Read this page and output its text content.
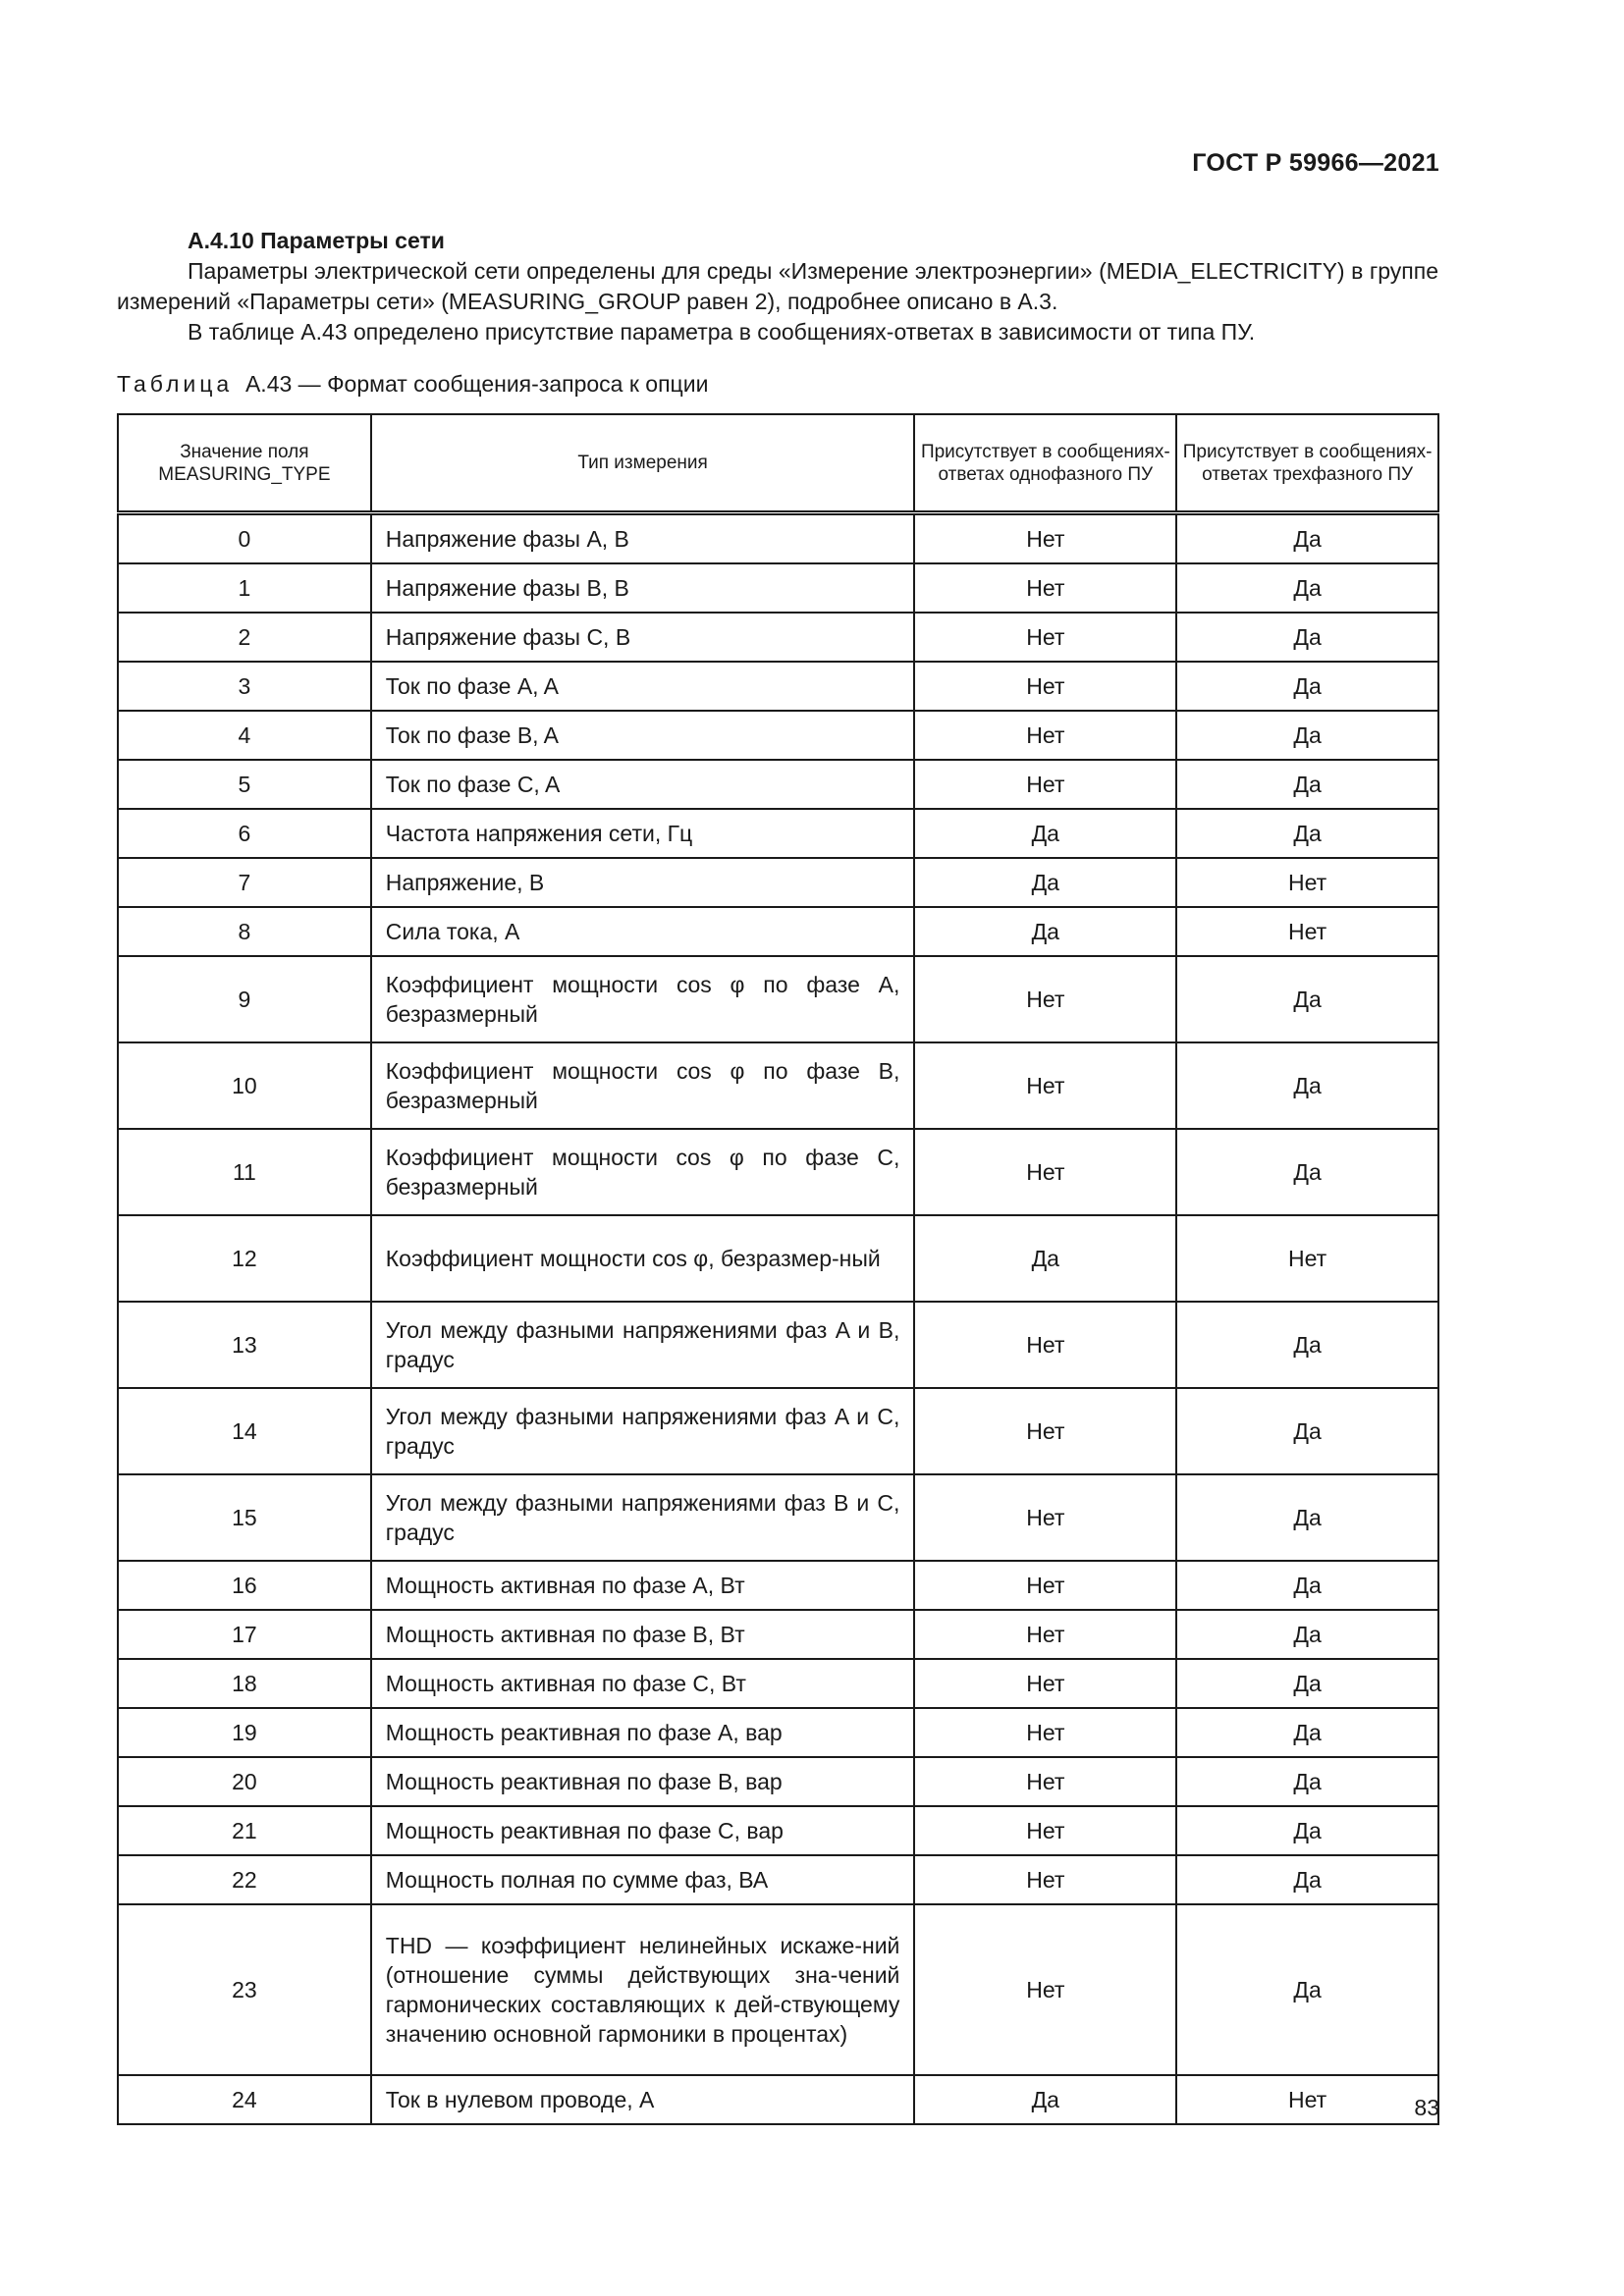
ГОСТ Р 59966—2021
А.4.10 Параметры сети

Параметры электрической сети определены для среды «Измерение электроэнергии» (MEDIA_ELECTRICITY) в группе измерений «Параметры сети» (MEASURING_GROUP равен 2), подробнее описано в А.3.

В таблице А.43 определено присутствие параметра в сообщениях-ответах в зависимости от типа ПУ.

Таблица А.43 — Формат сообщения-запроса к опции
Значение поля MEASURING_TYPE	Тип измерения	Присутствует в сообщениях-ответах однофазного ПУ	Присутствует в сообщениях-ответах трехфазного ПУ
0	Напряжение фазы A, B	Нет	Да
1	Напряжение фазы B, B	Нет	Да
2	Напряжение фазы C, B	Нет	Да
3	Ток по фазе A, A	Нет	Да
4	Ток по фазе B, A	Нет	Да
5	Ток по фазе C, A	Нет	Да
6	Частота напряжения сети, Гц	Да	Да
7	Напряжение, В	Да	Нет
8	Сила тока, А	Да	Нет
9	Коэффициент мощности cos φ по фазе A, безразмерный	Нет	Да
10	Коэффициент мощности cos φ по фазе B, безразмерный	Нет	Да
11	Коэффициент мощности cos φ по фазе C, безразмерный	Нет	Да
12	Коэффициент мощности cos φ, безразмер-ный	Да	Нет
13	Угол между фазными напряжениями фаз A и B, градус	Нет	Да
14	Угол между фазными напряжениями фаз A и C, градус	Нет	Да
15	Угол между фазными напряжениями фаз B и C, градус	Нет	Да
16	Мощность активная по фазе A, Вт	Нет	Да
17	Мощность активная по фазе B, Вт	Нет	Да
18	Мощность активная по фазе C, Вт	Нет	Да
19	Мощность реактивная по фазе A, вар	Нет	Да
20	Мощность реактивная по фазе B, вар	Нет	Да
21	Мощность реактивная по фазе C, вар	Нет	Да
22	Мощность полная по сумме фаз, ВА	Нет	Да
23	THD — коэффициент нелинейных искаже-ний (отношение суммы действующих зна-чений гармонических составляющих к дей-ствующему значению основной гармоники в процентах)	Нет	Да
24	Ток в нулевом проводе, А	Да	Нет	83
